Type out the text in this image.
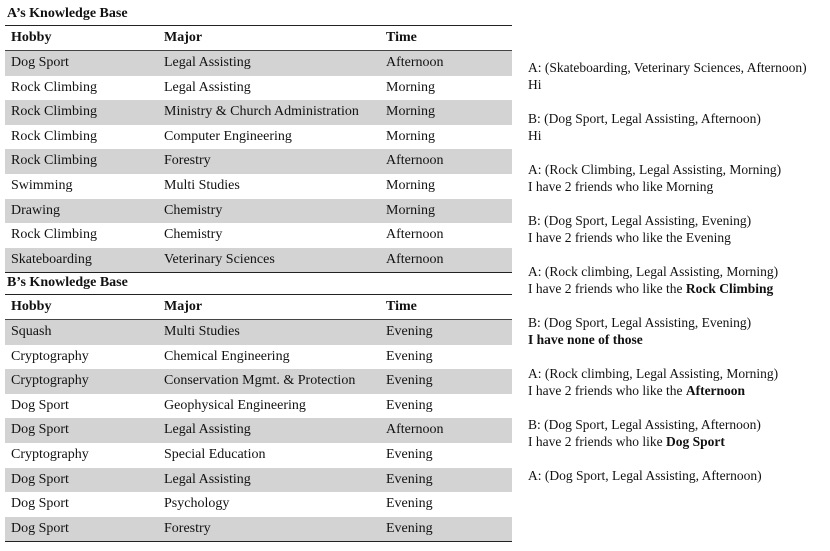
A’s Knowledge Base
Hobby	Major	Time
Dog Sport	Legal Assisting	Afternoon
Rock Climbing	Legal Assisting	Morning
Rock Climbing	Ministry & Church Administration	Morning
Rock Climbing	Computer Engineering	Morning
Rock Climbing	Forestry	Afternoon
Swimming	Multi Studies	Morning
Drawing	Chemistry	Morning
Rock Climbing	Chemistry	Afternoon
Skateboarding	Veterinary Sciences	Afternoon
B’s Knowledge Base
Hobby	Major	Time
Squash	Multi Studies	Evening
Cryptography	Chemical Engineering	Evening
Cryptography	Conservation Mgmt. & Protection	Evening
Dog Sport	Geophysical Engineering	Evening
Dog Sport	Legal Assisting	Afternoon
Cryptography	Special Education	Evening
Dog Sport	Legal Assisting	Evening
Dog Sport	Psychology	Evening
Dog Sport	Forestry	Evening
A: (Skateboarding, Veterinary Sciences, Afternoon)
Hi
B: (Dog Sport, Legal Assisting, Afternoon)
Hi
A: (Rock Climbing, Legal Assisting, Morning)
I have 2 friends who like Morning
B: (Dog Sport, Legal Assisting, Evening)
I have 2 friends who like the Evening
A: (Rock climbing, Legal Assisting, Morning)
I have 2 friends who like the Rock Climbing
B: (Dog Sport, Legal Assisting, Evening)
I have none of those
A: (Rock climbing, Legal Assisting, Morning)
I have 2 friends who like the Afternoon
B: (Dog Sport, Legal Assisting, Afternoon)
I have 2 friends who like Dog Sport
A: (Dog Sport, Legal Assisting, Afternoon)
